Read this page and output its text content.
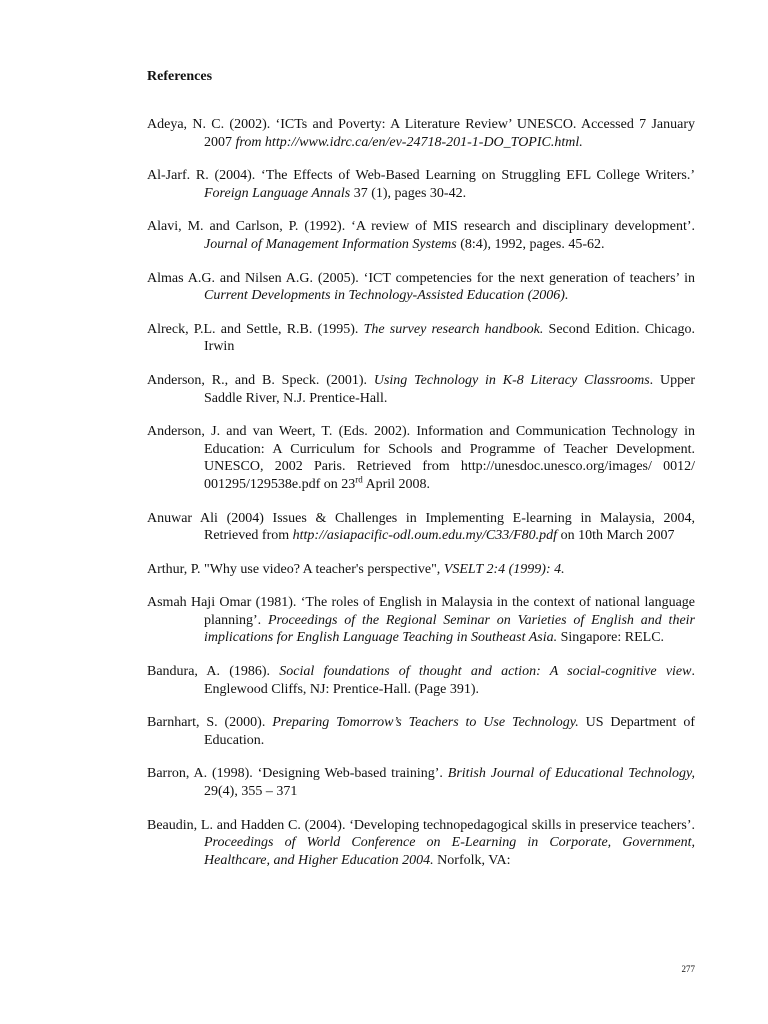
References

Adeya, N. C. (2002). ‘ICTs and Poverty: A Literature Review’ UNESCO. Accessed 7 January 2007 from http://www.idrc.ca/en/ev-24718-201-1-DO_TOPIC.html.

Al-Jarf. R. (2004). ‘The Effects of Web-Based Learning on Struggling EFL College Writers.’ Foreign Language Annals 37 (1), pages 30-42.

Alavi, M. and Carlson, P. (1992). ‘A review of MIS research and disciplinary development’. Journal of Management Information Systems (8:4), 1992, pages. 45-62.

Almas A.G. and Nilsen A.G. (2005). ‘ICT competencies for the next generation of teachers’ in Current Developments in Technology-Assisted Education (2006).

Alreck, P.L. and Settle, R.B. (1995). The survey research handbook. Second Edition. Chicago. Irwin

Anderson, R., and B. Speck. (2001). Using Technology in K-8 Literacy Classrooms. Upper Saddle River, N.J. Prentice-Hall.

Anderson, J. and van Weert, T. (Eds. 2002). Information and Communication Technology in Education: A Curriculum for Schools and Programme of Teacher Development. UNESCO, 2002 Paris. Retrieved from http://unesdoc.unesco.org/images/ 0012/ 001295/129538e.pdf on 23rd April 2008.

Anuwar Ali (2004) Issues & Challenges in Implementing E-learning in Malaysia, 2004, Retrieved from http://asiapacific-odl.oum.edu.my/C33/F80.pdf on 10th March 2007

Arthur, P. "Why use video? A teacher's perspective", VSELT 2:4 (1999): 4.

Asmah Haji Omar (1981). ‘The roles of English in Malaysia in the context of national language planning’. Proceedings of the Regional Seminar on Varieties of English and their implications for English Language Teaching in Southeast Asia. Singapore: RELC.

Bandura, A. (1986). Social foundations of thought and action: A social-cognitive view. Englewood Cliffs, NJ: Prentice-Hall. (Page 391).

Barnhart, S. (2000). Preparing Tomorrow’s Teachers to Use Technology. US Department of Education.

Barron, A. (1998). ‘Designing Web-based training’. British Journal of Educational Technology, 29(4), 355 – 371

Beaudin, L. and Hadden C. (2004). ‘Developing technopedagogical skills in preservice teachers’. Proceedings of World Conference on E-Learning in Corporate, Government, Healthcare, and Higher Education 2004. Norfolk, VA:

277
